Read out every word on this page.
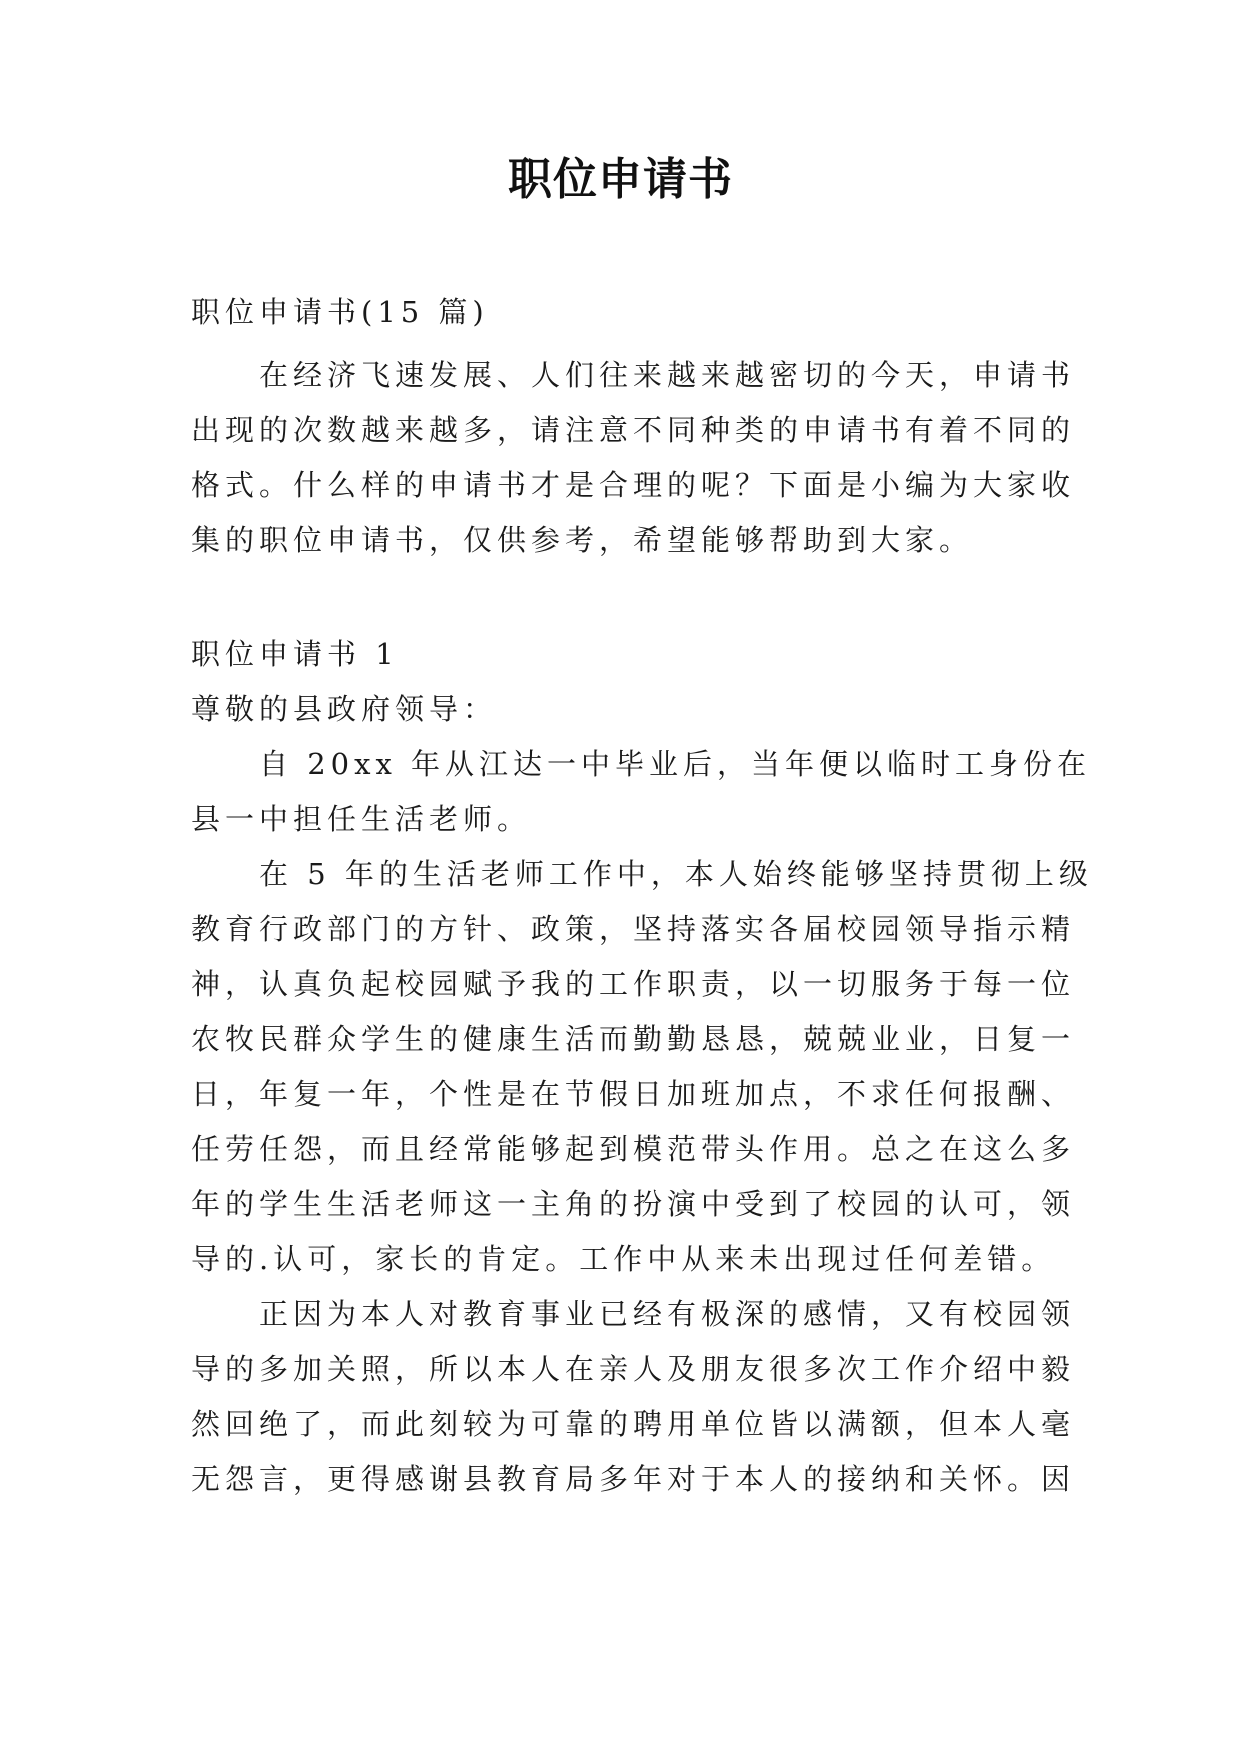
职位申请书
职位申请书(15 篇)
在经济飞速发展、人们往来越来越密切的今天，申请书
出现的次数越来越多，请注意不同种类的申请书有着不同的
格式。什么样的申请书才是合理的呢？下面是小编为大家收
集的职位申请书，仅供参考，希望能够帮助到大家。
职位申请书 1
尊敬的县政府领导：
自 20xx 年从江达一中毕业后，当年便以临时工身份在
县一中担任生活老师。
在 5 年的生活老师工作中，本人始终能够坚持贯彻上级
教育行政部门的方针、政策，坚持落实各届校园领导指示精
神，认真负起校园赋予我的工作职责，以一切服务于每一位
农牧民群众学生的健康生活而勤勤恳恳，兢兢业业，日复一
日，年复一年，个性是在节假日加班加点，不求任何报酬、
任劳任怨，而且经常能够起到模范带头作用。总之在这么多
年的学生生活老师这一主角的扮演中受到了校园的认可，领
导的.认可，家长的肯定。工作中从来未出现过任何差错。
正因为本人对教育事业已经有极深的感情，又有校园领
导的多加关照，所以本人在亲人及朋友很多次工作介绍中毅
然回绝了，而此刻较为可靠的聘用单位皆以满额，但本人毫
无怨言，更得感谢县教育局多年对于本人的接纳和关怀。因
